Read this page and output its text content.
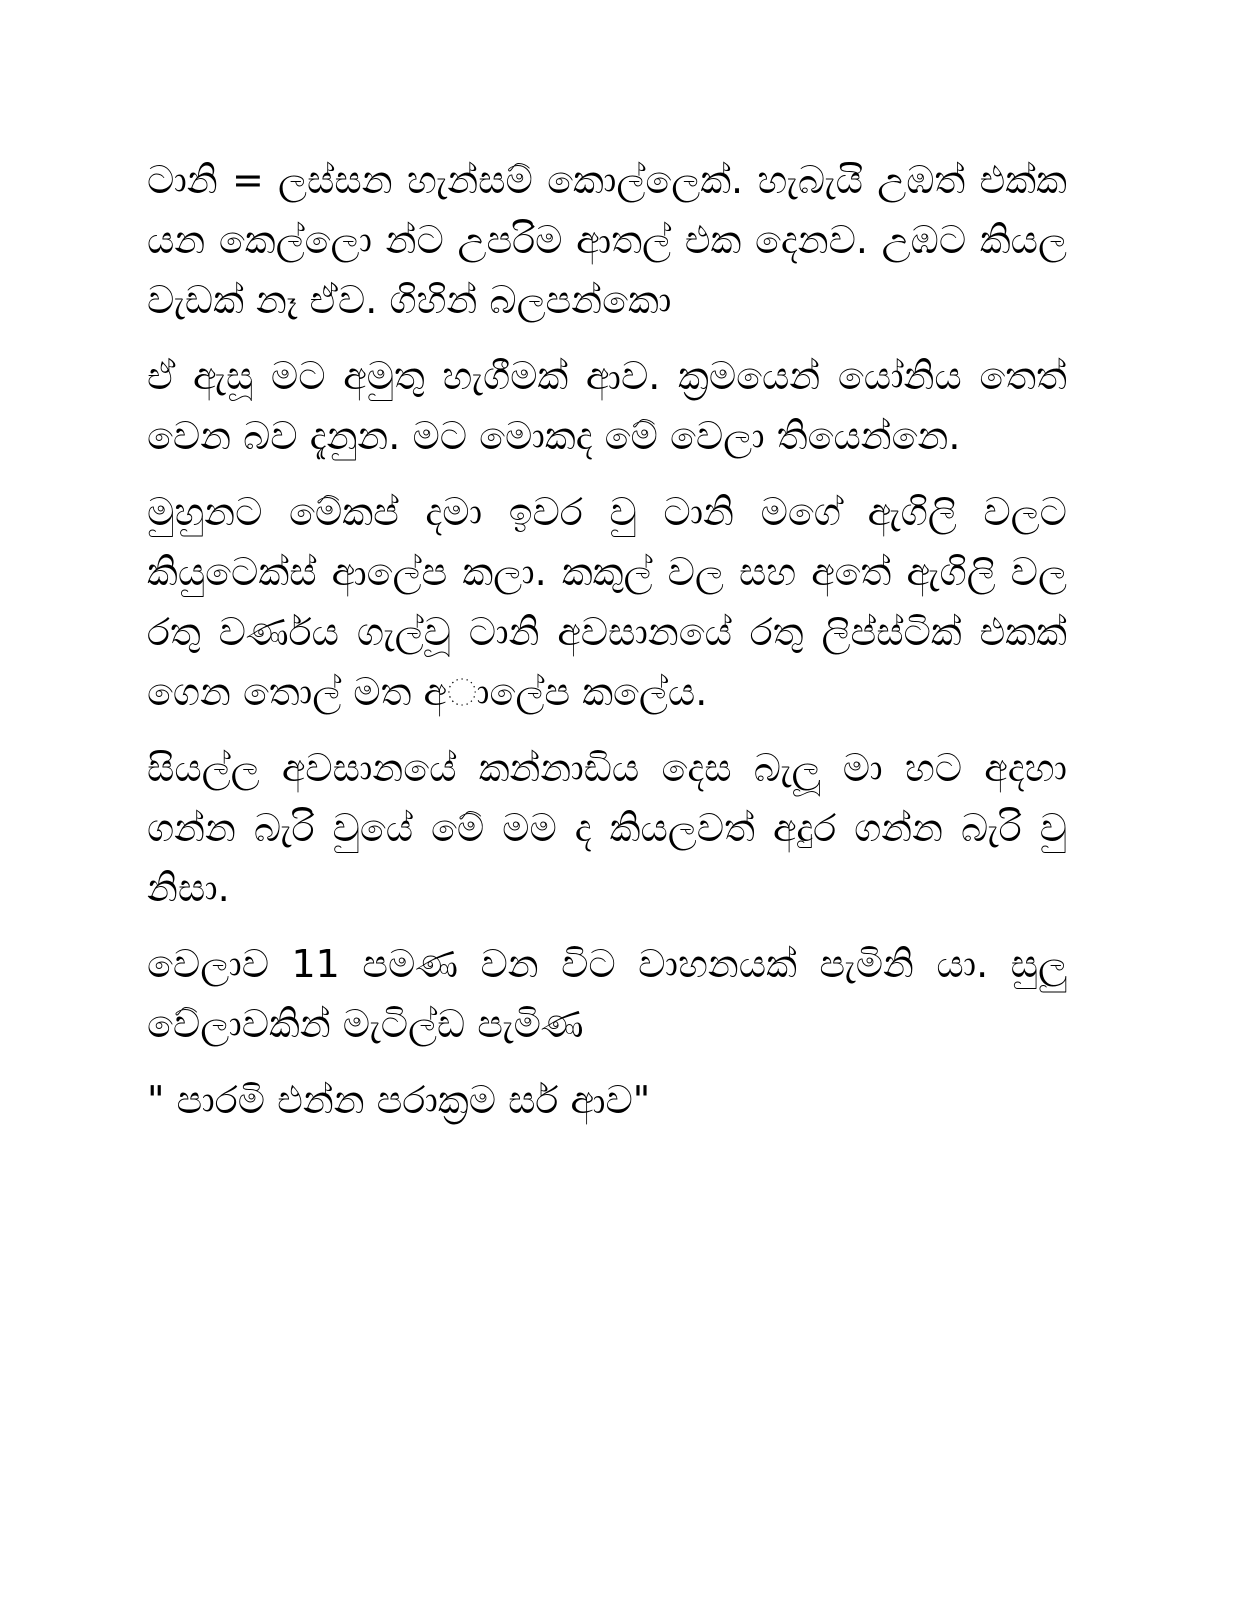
ටානි = ලස්සන හැන්සම් කොල්ලෙක්. හැබැයි උඹත් එක්ක යන කෙල්ලො න්ට උපරිම ආතල් එක දෙනව. උඹට කියල වැඩක් නෑ ඒව. ගිහින් බලපන්කො

ඒ ඇසූ මට අමුතු හැගීමක් ආව. ක්‍රමයෙන් යෝනිය තෙත් වෙන බව දැනුන. මට මොකද මේ වෙලා තියෙන්නෙ.

මුහුනට මේකප් දමා ඉවර වු ටානි මගේ ඇගිලි වලට කියුටෙක්ස් ආලේප කලා. කකුල් වල සහ අතේ ඇගිලි වල රතු වර්ණය ගැල්වූ ටානි අවසානයේ රතු ලිප්ස්ටික් එකක් ගෙන තොල් මත අාලේප කලේය.

සියල්ල අවසානයේ කන්නාඩිය දෙස බැලූ මා හට අදහා ගන්න බැරි වුයේ මේ මම ද කියලවත් අදුර ගන්න බැරි වු නිසා.

වෙලාව 11 පමණ වන විට වාහනයක් පැමිනි යා. සුලු වේලාවකින් මැටිල්ඩ පැමිණ

" පාරමි එන්න පරාක්‍රම සර් ආව"
